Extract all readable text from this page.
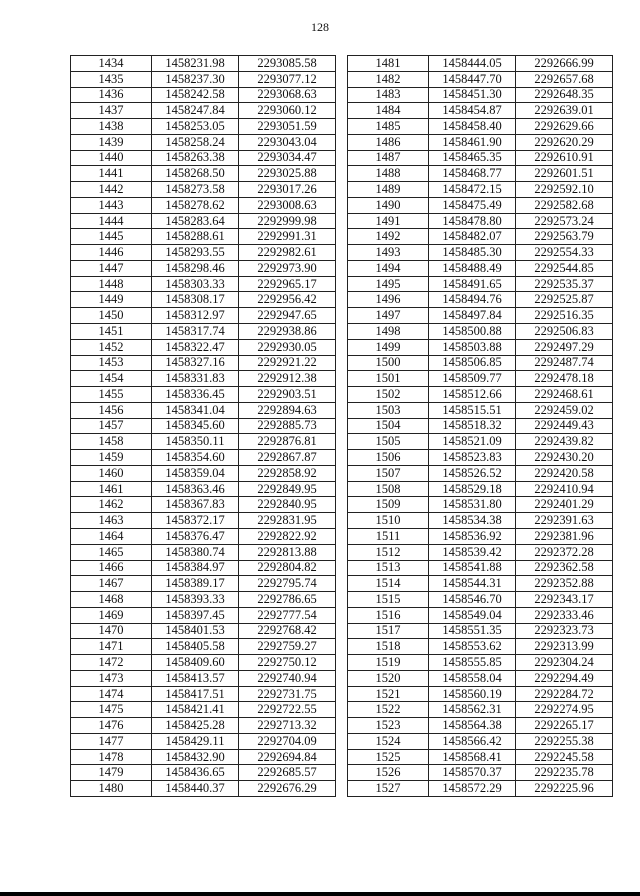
128
1434	1458231.98	2293085.58
1435	1458237.30	2293077.12
1436	1458242.58	2293068.63
1437	1458247.84	2293060.12
1438	1458253.05	2293051.59
1439	1458258.24	2293043.04
1440	1458263.38	2293034.47
1441	1458268.50	2293025.88
1442	1458273.58	2293017.26
1443	1458278.62	2293008.63
1444	1458283.64	2292999.98
1445	1458288.61	2292991.31
1446	1458293.55	2292982.61
1447	1458298.46	2292973.90
1448	1458303.33	2292965.17
1449	1458308.17	2292956.42
1450	1458312.97	2292947.65
1451	1458317.74	2292938.86
1452	1458322.47	2292930.05
1453	1458327.16	2292921.22
1454	1458331.83	2292912.38
1455	1458336.45	2292903.51
1456	1458341.04	2292894.63
1457	1458345.60	2292885.73
1458	1458350.11	2292876.81
1459	1458354.60	2292867.87
1460	1458359.04	2292858.92
1461	1458363.46	2292849.95
1462	1458367.83	2292840.95
1463	1458372.17	2292831.95
1464	1458376.47	2292822.92
1465	1458380.74	2292813.88
1466	1458384.97	2292804.82
1467	1458389.17	2292795.74
1468	1458393.33	2292786.65
1469	1458397.45	2292777.54
1470	1458401.53	2292768.42
1471	1458405.58	2292759.27
1472	1458409.60	2292750.12
1473	1458413.57	2292740.94
1474	1458417.51	2292731.75
1475	1458421.41	2292722.55
1476	1458425.28	2292713.32
1477	1458429.11	2292704.09
1478	1458432.90	2292694.84
1479	1458436.65	2292685.57
1480	1458440.37	2292676.29
1481	1458444.05	2292666.99
1482	1458447.70	2292657.68
1483	1458451.30	2292648.35
1484	1458454.87	2292639.01
1485	1458458.40	2292629.66
1486	1458461.90	2292620.29
1487	1458465.35	2292610.91
1488	1458468.77	2292601.51
1489	1458472.15	2292592.10
1490	1458475.49	2292582.68
1491	1458478.80	2292573.24
1492	1458482.07	2292563.79
1493	1458485.30	2292554.33
1494	1458488.49	2292544.85
1495	1458491.65	2292535.37
1496	1458494.76	2292525.87
1497	1458497.84	2292516.35
1498	1458500.88	2292506.83
1499	1458503.88	2292497.29
1500	1458506.85	2292487.74
1501	1458509.77	2292478.18
1502	1458512.66	2292468.61
1503	1458515.51	2292459.02
1504	1458518.32	2292449.43
1505	1458521.09	2292439.82
1506	1458523.83	2292430.20
1507	1458526.52	2292420.58
1508	1458529.18	2292410.94
1509	1458531.80	2292401.29
1510	1458534.38	2292391.63
1511	1458536.92	2292381.96
1512	1458539.42	2292372.28
1513	1458541.88	2292362.58
1514	1458544.31	2292352.88
1515	1458546.70	2292343.17
1516	1458549.04	2292333.46
1517	1458551.35	2292323.73
1518	1458553.62	2292313.99
1519	1458555.85	2292304.24
1520	1458558.04	2292294.49
1521	1458560.19	2292284.72
1522	1458562.31	2292274.95
1523	1458564.38	2292265.17
1524	1458566.42	2292255.38
1525	1458568.41	2292245.58
1526	1458570.37	2292235.78
1527	1458572.29	2292225.96
